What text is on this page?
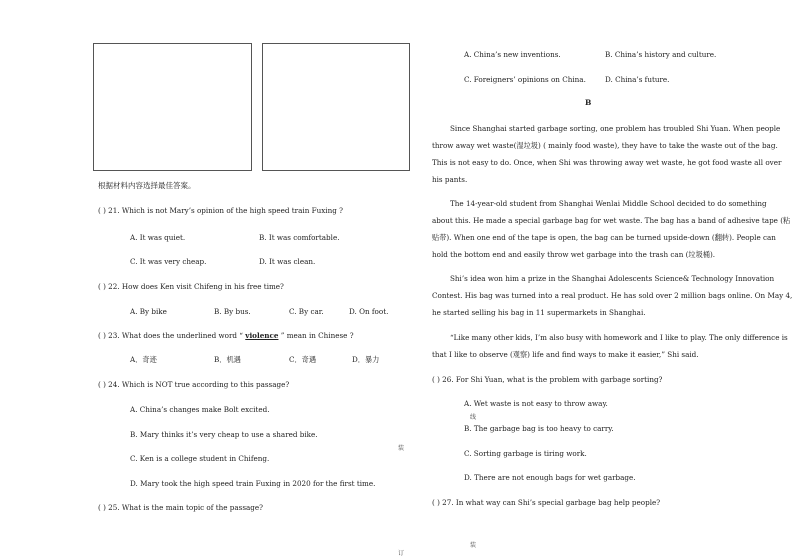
根据材料内容选择最佳答案。
( ) 21. Which is not Mary’s opinion of the high speed train Fuxing ?
A. It was quiet.	B. It was comfortable.
C. It was very cheap.	D. It was clean.
( ) 22. How does Ken visit Chifeng in his free time?
A. By bike	B. By bus.	C. By car.	D. On foot.
( ) 23. What does the underlined word “ violence ” mean in Chinese ?
A．奇迹	B．机遇	C．奇遇	D．暴力
( ) 24. Which is NOT true according to this passage?
A. China’s changes make Bolt excited.
B. Mary thinks it’s very cheap to use a shared bike.
C. Ken is a college student in Chifeng.
D. Mary took the high speed train Fuxing in 2020 for the first time.
( ) 25. What is the main topic of the passage?
装
订
线
装
A. China’s new inventions.	B. China’s history and culture.
C. Foreigners’ opinions on China.	D. China’s future.
B
Since Shanghai started garbage sorting, one problem has troubled Shi Yuan. When people
throw away wet waste(湿垃圾) ( mainly food waste), they have to take the waste out of the bag.
This is not easy to do. Once, when Shi was throwing away wet waste, he got food waste all over
his pants.
The 14-year-old student from Shanghai Wenlai Middle School decided to do something
about this. He made a special garbage bag for wet waste. The bag has a band of adhesive tape (粘
贴带). When one end of the tape is open, the bag can be turned upside-down (翻转). People can
hold the bottom end and easily throw wet garbage into the trash can (垃圾桶).
Shi’s idea won him a prize in the Shanghai Adolescents Science& Technology Innovation
Contest. His bag was turned into a real product. He has sold over 2 million bags online. On May 4,
he started selling his bag in 11 supermarkets in Shanghai.
“Like many other kids, I’m also busy with homework and I like to play. The only difference is
that I like to observe (观察) life and find ways to make it easier,” Shi said.
( ) 26. For Shi Yuan, what is the problem with garbage sorting?
A. Wet waste is not easy to throw away.
B. The garbage bag is too heavy to carry.
C. Sorting garbage is tiring work.
D. There are not enough bags for wet garbage.
( ) 27. In what way can Shi’s special garbage bag help people?
